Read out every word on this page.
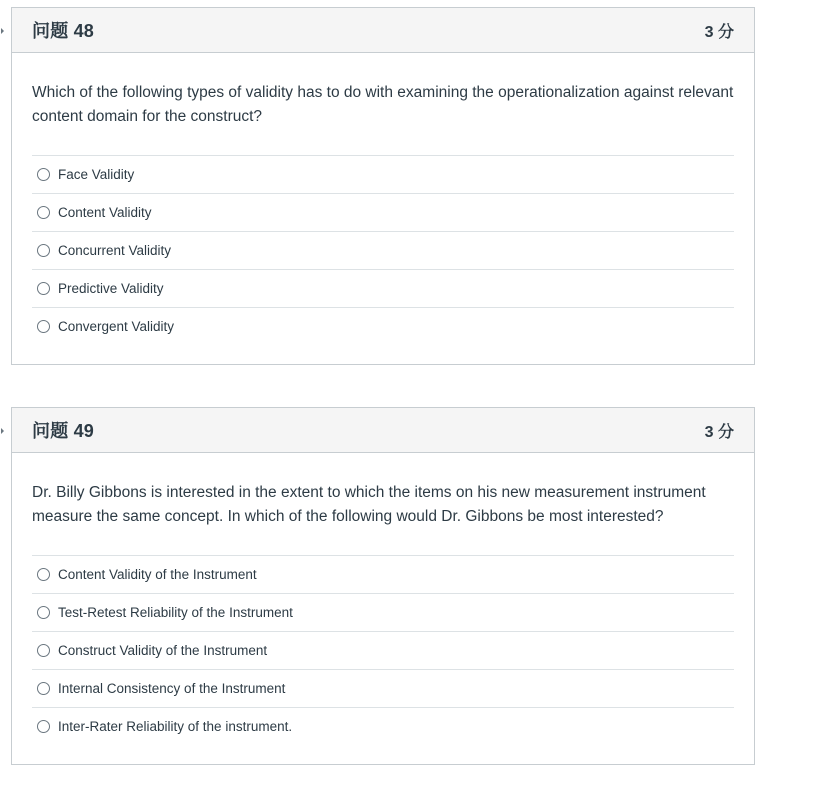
问题 48	3 分

Which of the following types of validity has to do with examining the operationalization against relevant content domain for the construct?

Face Validity
Content Validity
Concurrent Validity
Predictive Validity
Convergent Validity
问题 49	3 分

Dr. Billy Gibbons is interested in the extent to which the items on his new measurement instrument measure the same concept. In which of the following would Dr. Gibbons be most interested?

Content Validity of the Instrument
Test-Retest Reliability of the Instrument
Construct Validity of the Instrument
Internal Consistency of the Instrument
Inter-Rater Reliability of the instrument.
